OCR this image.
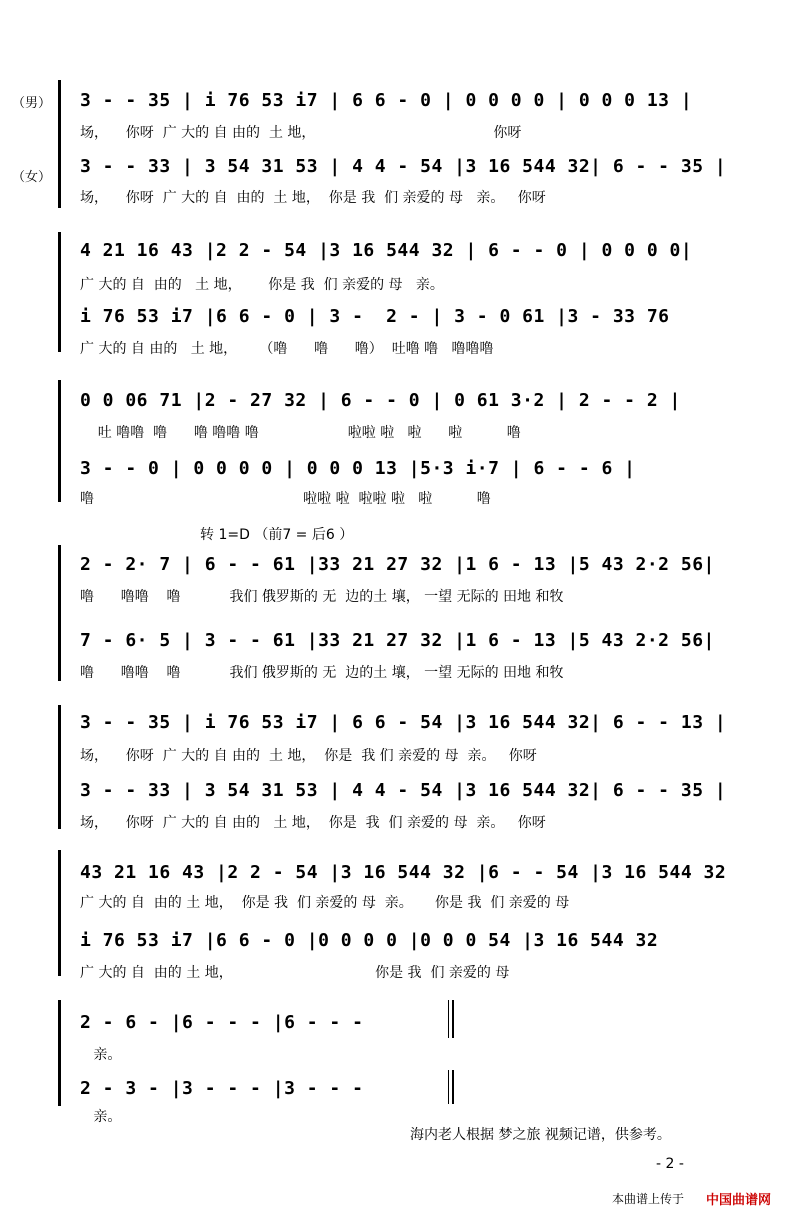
（男）
（女）
3 - - 35 | i 76 53 i7 | 6 6 - 0 | 0 0 0 0 | 0 0 0 13 |
场，    你呀  广 大的 自 由的  土 地，                                        你呀
3 - - 33 | 3 54 31 53 | 4 4 - 54 |3 16 544 32| 6 - - 35 |
场，    你呀  广 大的 自  由的  土 地，  你是 我  们 亲爱的 母   亲。   你呀
4 21 16 43 |2 2 - 54 |3 16 544 32 | 6 - - 0 | 0 0 0 0|
广 大的 自  由的   土 地，      你是 我  们 亲爱的 母   亲。
i 76 53 i7 |6 6 - 0 | 3 -  2 - | 3 - 0 61 |3 - 33 76
广 大的 自 由的   土 地，     （噜      噜      噜）  吐噜 噜   噜噜噜
0 0 06 71 |2 - 27 32 | 6 - - 0 | 0 61 3·2 | 2 - - 2 |
吐 噜噜  噜      噜 噜噜 噜                    啦啦 啦   啦      啦          噜
3 - - 0 | 0 0 0 0 | 0 0 0 13 |5·3 i·7 | 6 - - 6 |
噜                                               啦啦 啦  啦啦 啦   啦          噜
转 1=D （前7 = 后6 ）
2 - 2· 7 | 6 - - 61 |33 21 27 32 |1 6 - 13 |5 43 2·2 56|
噜      噜噜    噜           我们 俄罗斯的 无  边的土 壤， 一望 无际的 田地 和牧
7 - 6· 5 | 3 - - 61 |33 21 27 32 |1 6 - 13 |5 43 2·2 56|
噜      噜噜    噜           我们 俄罗斯的 无  边的土 壤， 一望 无际的 田地 和牧
3 - - 35 | i 76 53 i7 | 6 6 - 54 |3 16 544 32| 6 - - 13 |
场，    你呀  广 大的 自 由的  土 地，  你是  我 们 亲爱的 母  亲。   你呀
3 - - 33 | 3 54 31 53 | 4 4 - 54 |3 16 544 32| 6 - - 35 |
场，    你呀  广 大的 自 由的   土 地，  你是  我  们 亲爱的 母  亲。   你呀
43 21 16 43 |2 2 - 54 |3 16 544 32 |6 - - 54 |3 16 544 32
广 大的 自  由的 土 地，  你是 我  们 亲爱的 母  亲。     你是 我  们 亲爱的 母
i 76 53 i7 |6 6 - 0 |0 0 0 0 |0 0 0 54 |3 16 544 32
广 大的 自  由的 土 地，                                你是 我  们 亲爱的 母
2 - 6 - |6 - - - |6 - - -
亲。
2 - 3 - |3 - - - |3 - - -
亲。
海内老人根据 梦之旅 视频记谱，供参考。
- 2 -
本曲谱上传于 中国曲谱网
